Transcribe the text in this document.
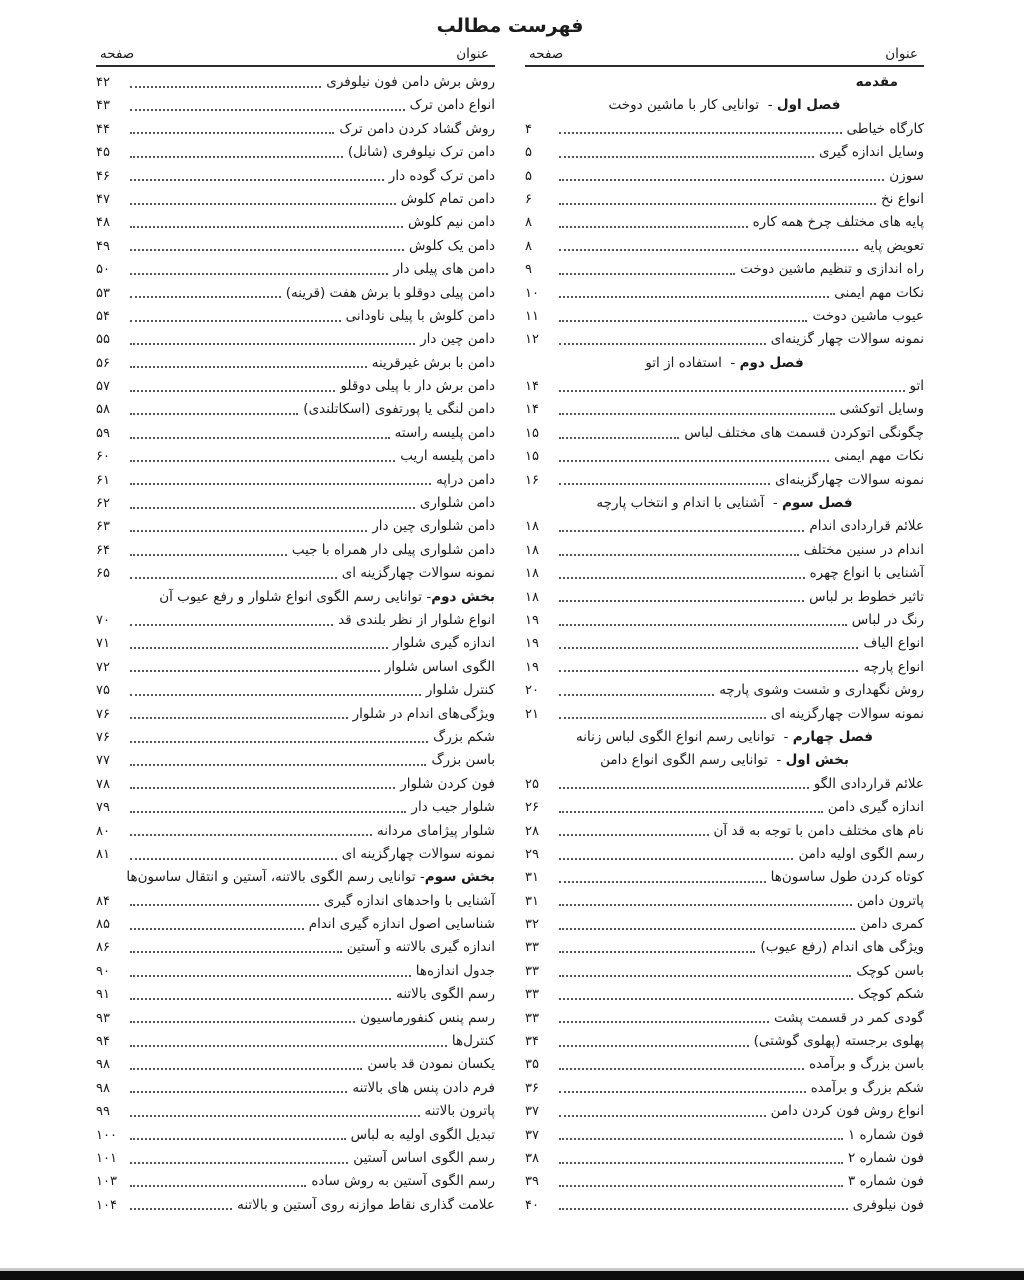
فهرست مطالب
عنوان
صفحه
مقدمه
فصل اول
-  توانایی کار با ماشین دوخت
کارگاه خیاطی
۴
وسایل اندازه گیری
۵
سوزن
۵
انواع نخ
۶
پایه های مختلف چرخ همه کاره
۸
تعویض پایه
۸
راه اندازی و تنظیم ماشین دوخت
۹
نکات مهم ایمنی
۱۰
عیوب ماشین دوخت
۱۱
نمونه سوالات چهار گزینه‌ای
۱۲
فصل دوم
-  استفاده از اتو
اتو
۱۴
وسایل اتوکشی
۱۴
چگونگی اتوکردن قسمت های مختلف لباس
۱۵
نکات مهم ایمنی
۱۵
نمونه سوالات چهارگزینه‌ای
۱۶
فصل سوم
-  آشنایی با اندام و انتخاب پارچه
علائم قراردادی اندام
۱۸
اندام در سنین مختلف
۱۸
آشنایی با انواع چهره
۱۸
تاثیر خطوط بر لباس
۱۸
رنگ در لباس
۱۹
انواع الیاف
۱۹
انواع پارچه
۱۹
روش نگهداری و شست وشوی پارچه
۲۰
نمونه سوالات چهارگزینه ای
۲۱
فصل چهارم
-  توانایی رسم انواع الگوی لباس زنانه
بخش اول
-  توانایی رسم الگوی انواع دامن
علائم قراردادی الگو
۲۵
اندازه گیری دامن
۲۶
نام های مختلف دامن با توجه به قد آن
۲۸
رسم الگوی اولیه دامن
۲۹
کوتاه کردن طول ساسون‌ها
۳۱
پاترون دامن
۳۱
کمری دامن
۳۲
ویژگی های اندام (رفع عیوب)
۳۳
باسن کوچک
۳۳
شکم کوچک
۳۳
گودی کمر در قسمت پشت
۳۳
پهلوی برجسته (پهلوی گوشتی)
۳۴
باسن بزرگ و برآمده
۳۵
شکم بزرگ و برآمده
۳۶
انواع روش فون کردن دامن
۳۷
فون شماره ۱
۳۷
فون شماره ۲
۳۸
فون شماره ۳
۳۹
فون نیلوفری
۴۰
عنوان
صفحه
روش برش دامن فون نیلوفری
۴۲
انواع دامن ترک
۴۳
روش گشاد کردن دامن ترک
۴۴
دامن ترک نیلوفری (شانل)
۴۵
دامن ترک گوده دار
۴۶
دامن تمام کلوش
۴۷
دامن نیم کلوش
۴۸
دامن یک کلوش
۴۹
دامن های پیلی دار
۵۰
دامن پیلی دوقلو با برش هفت (قرینه)
۵۳
دامن کلوش با پیلی ناودانی
۵۴
دامن چین دار
۵۵
دامن با برش غیرقرینه
۵۶
دامن برش دار با پیلی دوقلو
۵۷
دامن لنگی یا پورتفوی (اسکاتلندی)
۵۸
دامن پلیسه راسته
۵۹
دامن پلیسه اریب
۶۰
دامن دراپه
۶۱
دامن شلواری
۶۲
دامن شلواری چین دار
۶۳
دامن شلواری پیلی دار همراه با جیب
۶۴
نمونه سوالات چهارگزینه ای
۶۵
بخش دوم
- توانایی رسم الگوی انواع شلوار و رفع عیوب آن
انواع شلوار از نظر بلندی قد
۷۰
اندازه گیری شلوار
۷۱
الگوی اساس شلوار
۷۲
کنترل شلوار
۷۵
ویژگی‌های اندام در شلوار
۷۶
شکم بزرگ
۷۶
باسن بزرگ
۷۷
فون کردن شلوار
۷۸
شلوار جیب دار
۷۹
شلوار پیژامای مردانه
۸۰
نمونه سوالات چهارگزینه ای
۸۱
بخش سوم
- توانایی رسم الگوی بالاتنه، آستین و انتقال ساسون‌ها
آشنایی با واحدهای اندازه گیری
۸۴
شناسایی اصول اندازه گیری اندام
۸۵
اندازه گیری بالاتنه و آستین
۸۶
جدول اندازه‌ها
۹۰
رسم الگوی بالاتنه
۹۱
رسم پنس کنفورماسیون
۹۳
کنترل‌ها
۹۴
یکسان نمودن قد باسن
۹۸
فرم دادن پنس های بالاتنه
۹۸
پاترون بالاتنه
۹۹
تبدیل الگوی اولیه به لباس
۱۰۰
رسم الگوی اساس آستین
۱۰۱
رسم الگوی آستین به روش ساده
۱۰۳
علامت گذاری نقاط موازنه روی آستین و بالاتنه
۱۰۴
